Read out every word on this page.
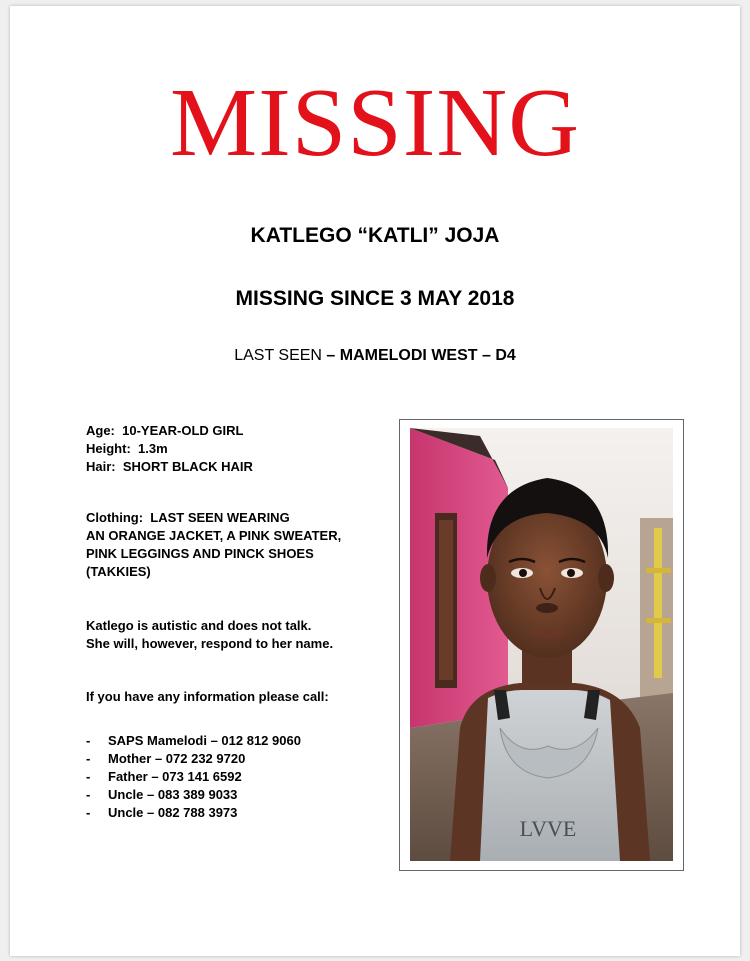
MISSING
KATLEGO “KATLI” JOJA
MISSING SINCE 3 MAY 2018
LAST SEEN – MAMELODI WEST – D4
Age: 10-YEAR-OLD GIRL
Height: 1.3m
Hair: SHORT BLACK HAIR
Clothing: LAST SEEN WEARING
AN ORANGE JACKET, A PINK SWEATER,
PINK LEGGINGS AND PINCK SHOES
(TAKKIES)
Katlego is autistic and does not talk.
She will, however, respond to her name.
If you have any information please call:
- SAPS Mamelodi – 012 812 9060
- Mother – 072 232 9720
- Father – 073 141 6592
- Uncle – 083 389 9033
- Uncle – 082 788 3973
LVVE
